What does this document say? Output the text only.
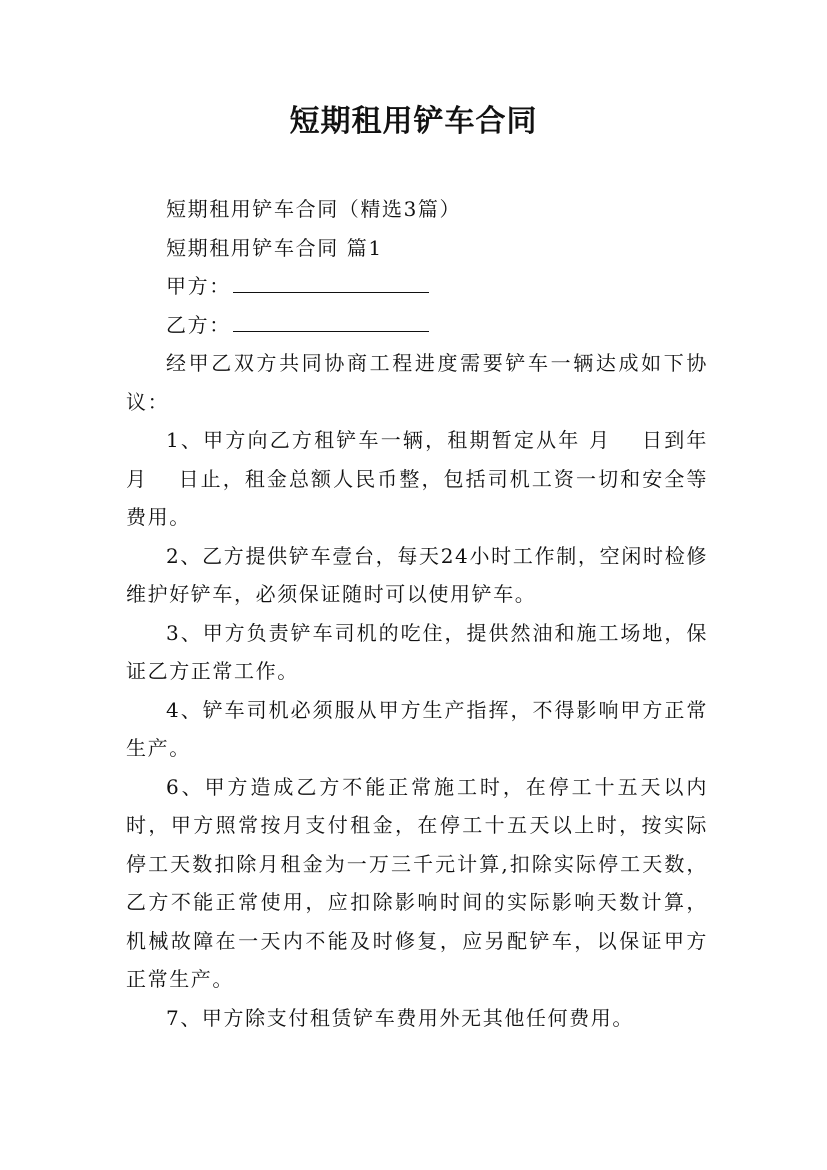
短期租用铲车合同

短期租用铲车合同（精选3篇）

短期租用铲车合同 篇1

甲方：

乙方：

经甲乙双方共同协商工程进度需要铲车一辆达成如下协议：

1、甲方向乙方租铲车一辆，租期暂定从年 月　 日到年 月　 日止，租金总额人民币整，包括司机工资一切和安全等费用。

2、乙方提供铲车壹台，每天24小时工作制，空闲时检修维护好铲车，必须保证随时可以使用铲车。

3、甲方负责铲车司机的吃住，提供然油和施工场地，保证乙方正常工作。

4、铲车司机必须服从甲方生产指挥，不得影响甲方正常生产。

6、甲方造成乙方不能正常施工时，在停工十五天以内时，甲方照常按月支付租金，在停工十五天以上时，按实际停工天数扣除月租金为一万三千元计算,扣除实际停工天数，乙方不能正常使用，应扣除影响时间的实际影响天数计算，机械故障在一天内不能及时修复，应另配铲车，以保证甲方正常生产。

7、甲方除支付租赁铲车费用外无其他任何费用。
